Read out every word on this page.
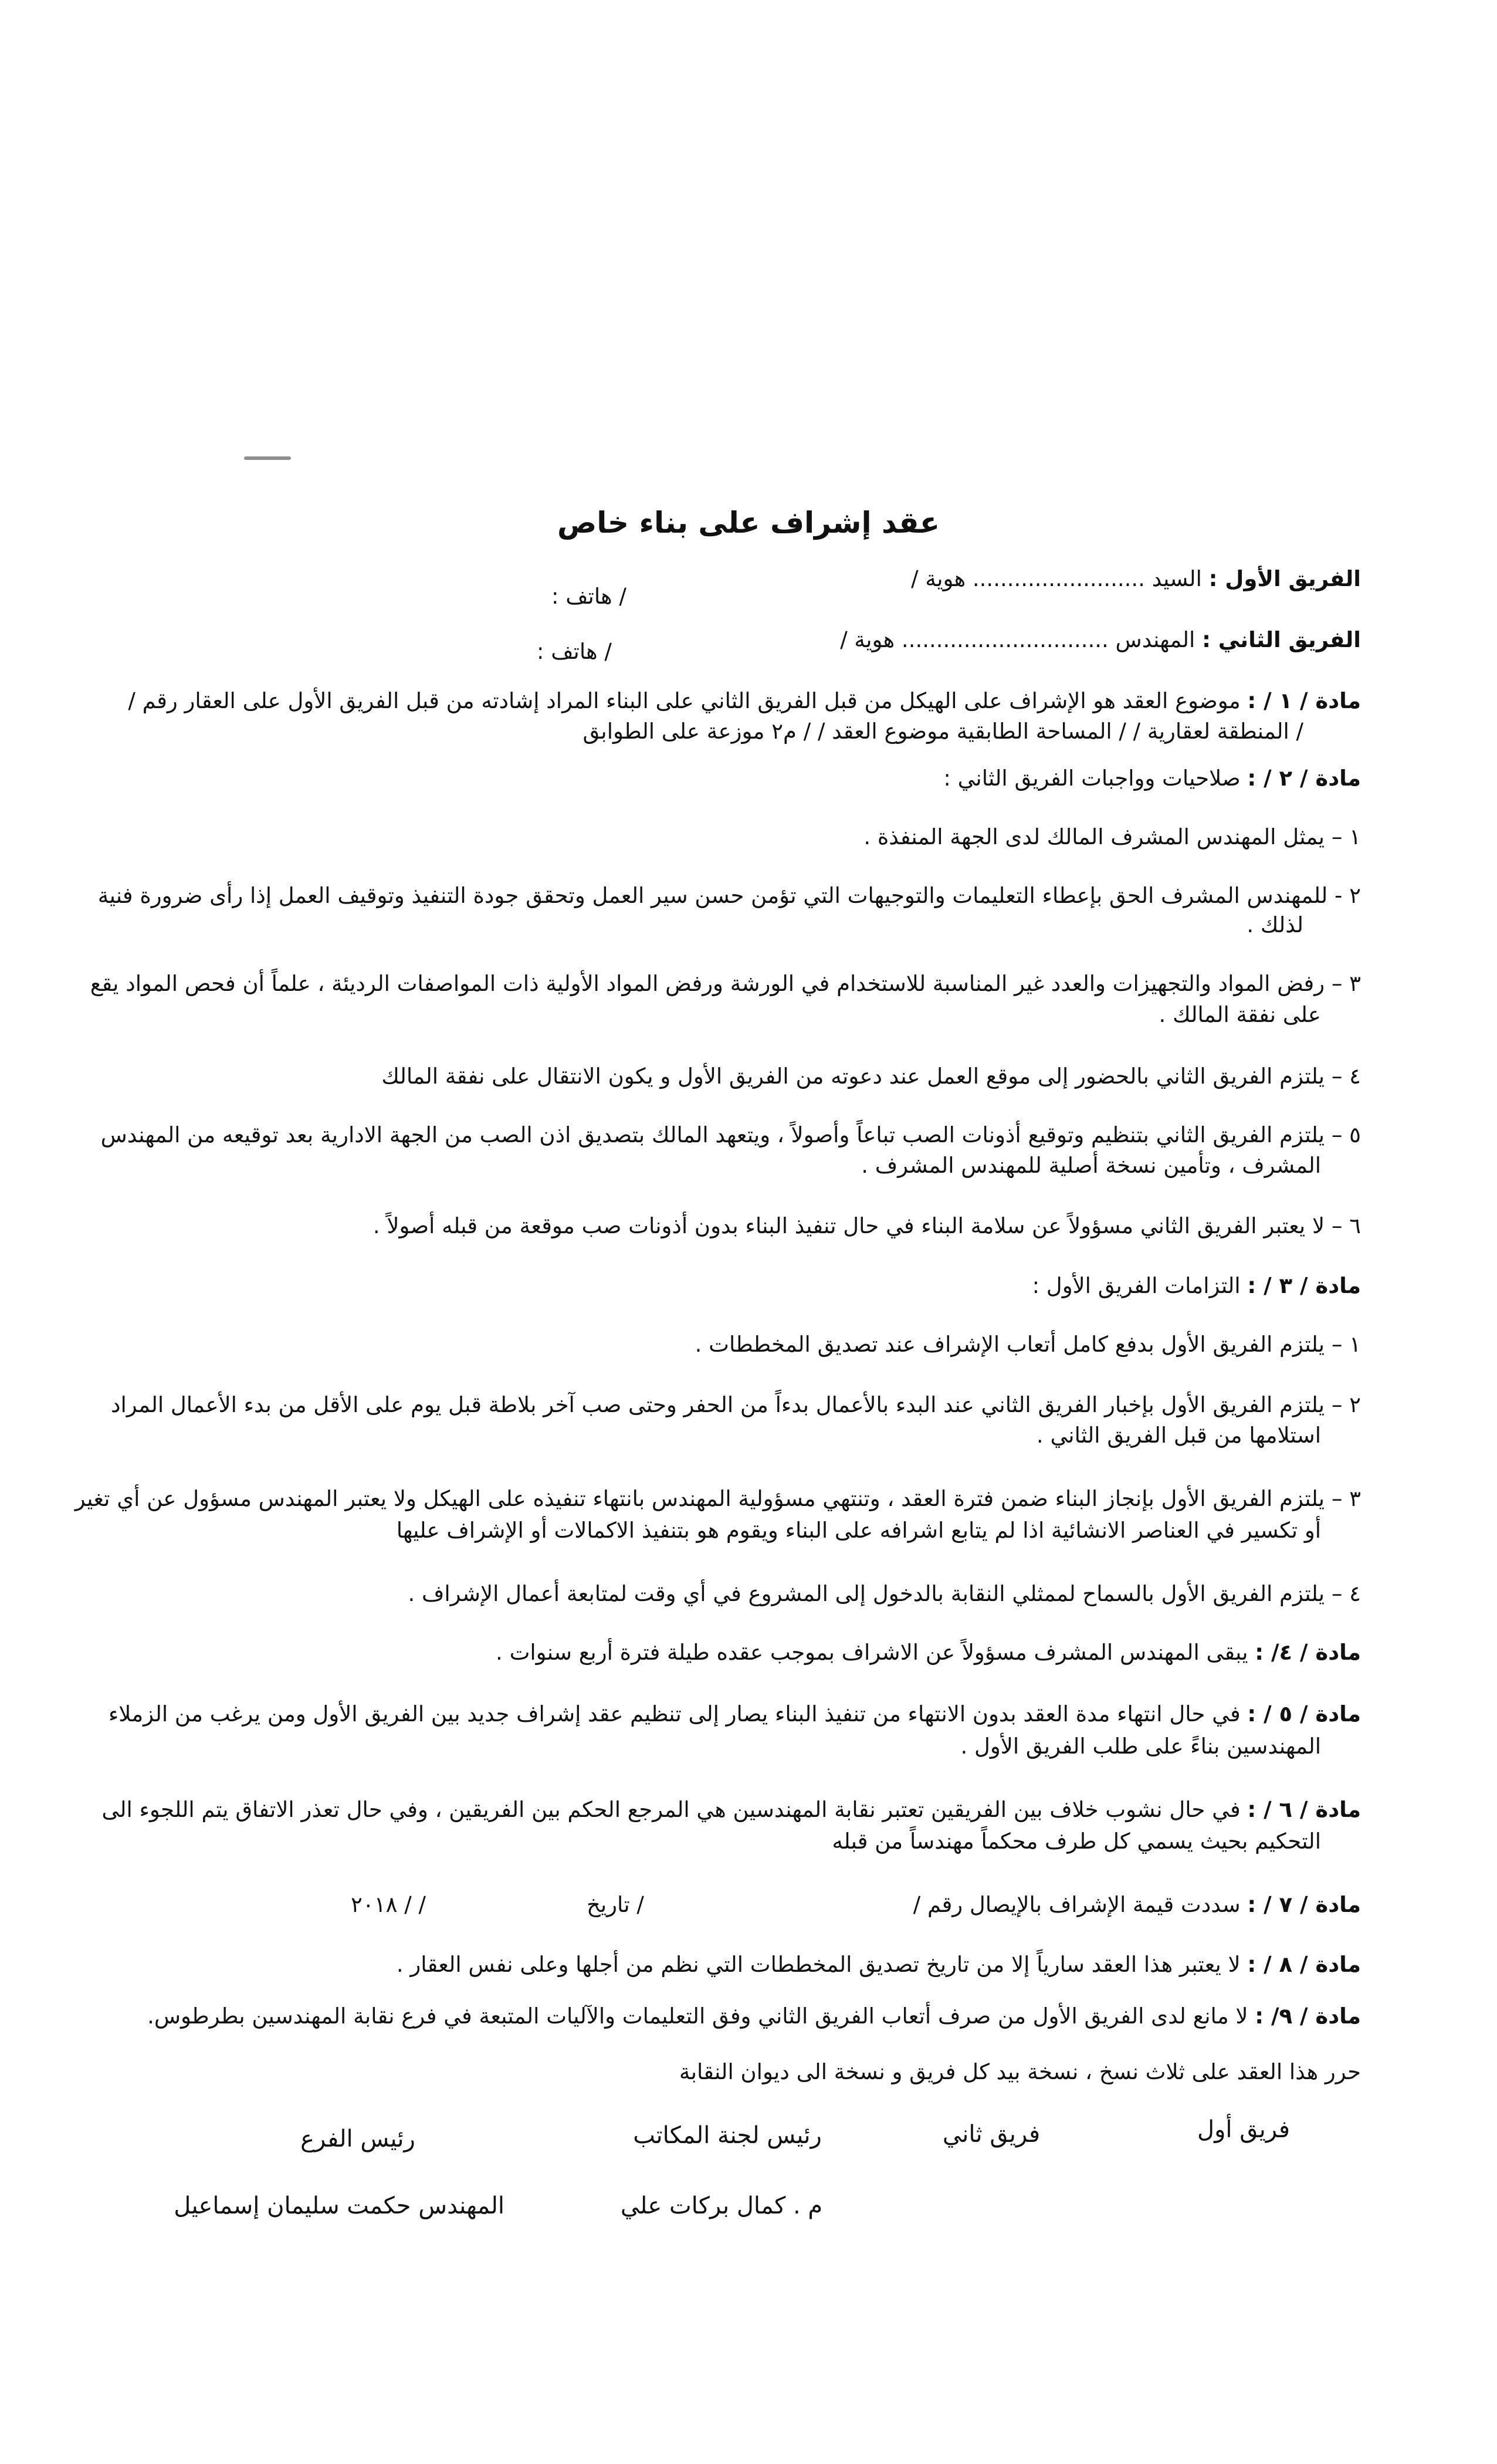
عقد إشراف على بناء خاص
الفريق الأول : السيد ......................... هوية /
/ هاتف :
الفريق الثاني : المهندس .............................. هوية /
/ هاتف :
مادة / ١ / : موضوع العقد هو الإشراف على الهيكل من قبل الفريق الثاني على البناء المراد إشادته من قبل الفريق الأول على العقار رقم /
/ المنطقة لعقارية / / المساحة الطابقية موضوع العقد / / م٢ موزعة على الطوابق
مادة / ٢ / : صلاحيات وواجبات الفريق الثاني :
١ – يمثل المهندس المشرف المالك لدى الجهة المنفذة .
٢ - للمهندس المشرف الحق بإعطاء التعليمات والتوجيهات التي تؤمن حسن سير العمل وتحقق جودة التنفيذ وتوقيف العمل إذا رأى ضرورة فنية
لذلك .
٣ – رفض المواد والتجهيزات والعدد غير المناسبة للاستخدام في الورشة ورفض المواد الأولية ذات المواصفات الرديئة ، علماً أن فحص المواد يقع
على نفقة المالك .
٤ – يلتزم الفريق الثاني بالحضور إلى موقع العمل عند دعوته من الفريق الأول و يكون الانتقال على نفقة المالك
٥ – يلتزم الفريق الثاني بتنظيم وتوقيع أذونات الصب تباعاً وأصولاً ، ويتعهد المالك بتصديق اذن الصب من الجهة الادارية بعد توقيعه من المهندس
المشرف ، وتأمين نسخة أصلية للمهندس المشرف .
٦ – لا يعتبر الفريق الثاني مسؤولاً عن سلامة البناء في حال تنفيذ البناء بدون أذونات صب موقعة من قبله أصولاً .
مادة / ٣ / : التزامات الفريق الأول :
١ – يلتزم الفريق الأول بدفع كامل أتعاب الإشراف عند تصديق المخططات .
٢ – يلتزم الفريق الأول بإخبار الفريق الثاني عند البدء بالأعمال بدءاً من الحفر وحتى صب آخر بلاطة قبل يوم على الأقل من بدء الأعمال المراد
استلامها من قبل الفريق الثاني .
٣ – يلتزم الفريق الأول بإنجاز البناء ضمن فترة العقد ، وتنتهي مسؤولية المهندس بانتهاء تنفيذه على الهيكل ولا يعتبر المهندس مسؤول عن أي تغير
أو تكسير في العناصر الانشائية اذا لم يتابع اشرافه على البناء ويقوم هو بتنفيذ الاكمالات أو الإشراف عليها
٤ – يلتزم الفريق الأول بالسماح لممثلي النقابة بالدخول إلى المشروع في أي وقت لمتابعة أعمال الإشراف .
مادة / ٤/ : يبقى المهندس المشرف مسؤولاً عن الاشراف بموجب عقده طيلة فترة أربع سنوات .
مادة / ٥ / : في حال انتهاء مدة العقد بدون الانتهاء من تنفيذ البناء يصار إلى تنظيم عقد إشراف جديد بين الفريق الأول ومن يرغب من الزملاء
المهندسين بناءً على طلب الفريق الأول .
مادة / ٦ / : في حال نشوب خلاف بين الفريقين تعتبر نقابة المهندسين هي المرجع الحكم بين الفريقين ، وفي حال تعذر الاتفاق يتم اللجوء الى
التحكيم بحيث يسمي كل طرف محكماً مهندساً من قبله
مادة / ٧ / : سددت قيمة الإشراف بالإيصال رقم /
/ تاريخ
/ / ٢٠١٨
مادة / ٨ / : لا يعتبر هذا العقد سارياً إلا من تاريخ تصديق المخططات التي نظم من أجلها وعلى نفس العقار .
مادة / ٩/ : لا مانع لدى الفريق الأول من صرف أتعاب الفريق الثاني وفق التعليمات والآليات المتبعة في فرع نقابة المهندسين بطرطوس.
حرر هذا العقد على ثلاث نسخ ، نسخة بيد كل فريق و نسخة الى ديوان النقابة
فريق أول
فريق ثاني
رئيس لجنة المكاتب
رئيس الفرع
م . كمال بركات علي
المهندس حكمت سليمان إسماعيل
